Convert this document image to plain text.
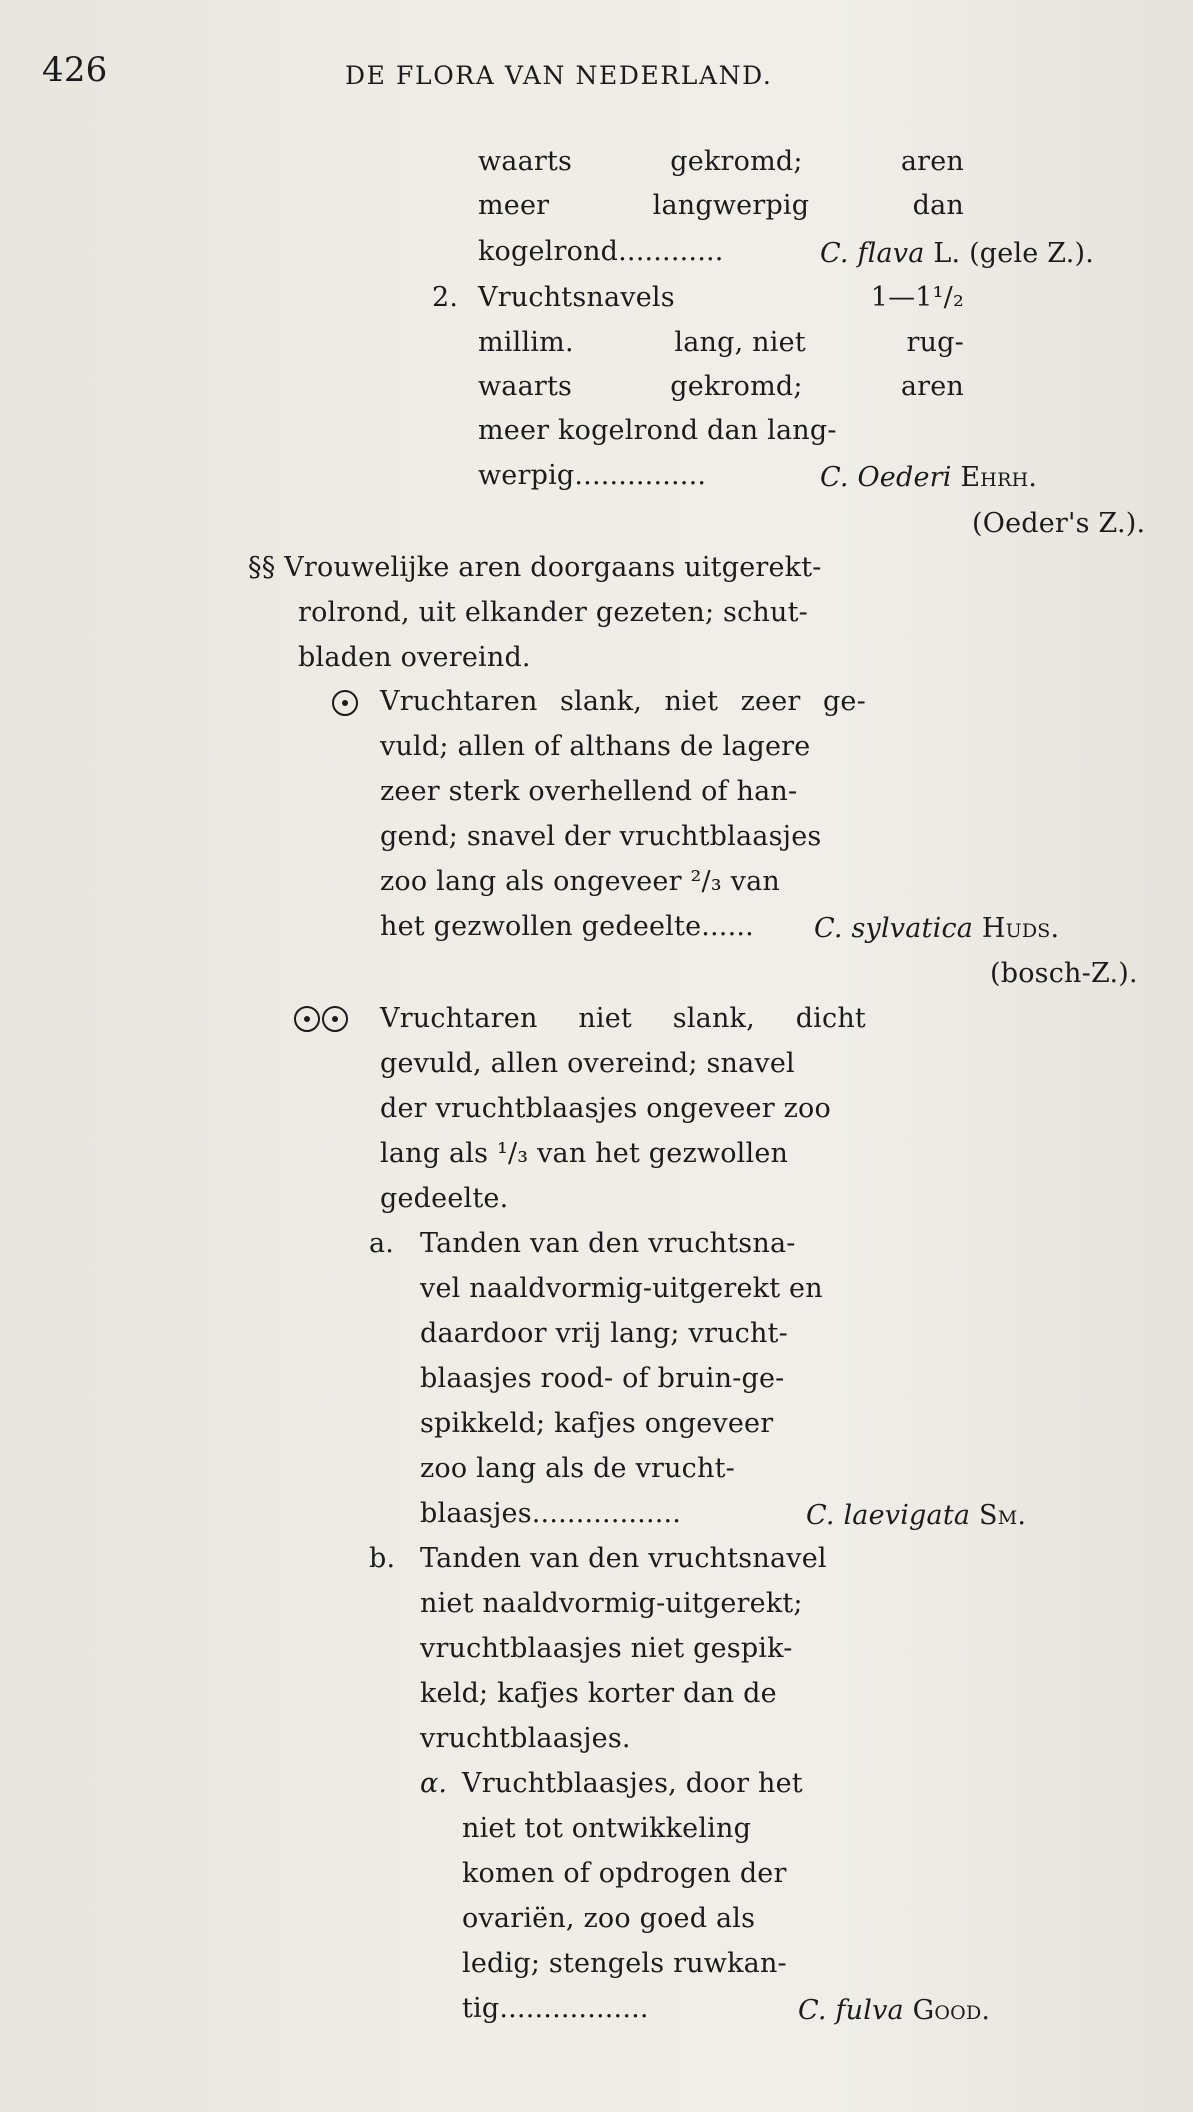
426	DE FLORA VAN NEDERLAND.
waarts	gekromd;	aren
meer	langwerpig	dan
kogelrond............	C. flava L. (gele Z.).
2. Vruchtsnavels	1—1¹/₂
millim.	lang, niet	rug-
waarts	gekromd;	aren
meer kogelrond dan lang-
werpig...............	C. Oederi Ehrh.
(Oeder's Z.).
§§ Vrouwelijke aren doorgaans uitgerekt-
rolrond, uit elkander gezeten; schut-
bladen overeind.
Vruchtaren slank, niet zeer ge-
vuld; allen of althans de lagere
zeer sterk overhellend of han-
gend; snavel der vruchtblaasjes
zoo lang als ongeveer ²/₃ van
het gezwollen gedeelte...... C. sylvatica Huds.
(bosch-Z.).
Vruchtaren niet slank, dicht
gevuld, allen overeind; snavel
der vruchtblaasjes ongeveer zoo
lang als ¹/₃ van het gezwollen
gedeelte.
a. Tanden van den vruchtsna-
vel naaldvormig-uitgerekt en
daardoor vrij lang; vrucht-
blaasjes rood- of bruin-ge-
spikkeld; kafjes ongeveer
zoo lang als de vrucht-
blaasjes.................	C. laevigata Sm.
b. Tanden van den vruchtsnavel
niet naaldvormig-uitgerekt;
vruchtblaasjes niet gespik-
keld; kafjes korter dan de
vruchtblaasjes.
α. Vruchtblaasjes, door het
niet tot ontwikkeling
komen of opdrogen der
ovariën, zoo goed als
ledig; stengels ruwkan-
tig.................	C. fulva Good.
